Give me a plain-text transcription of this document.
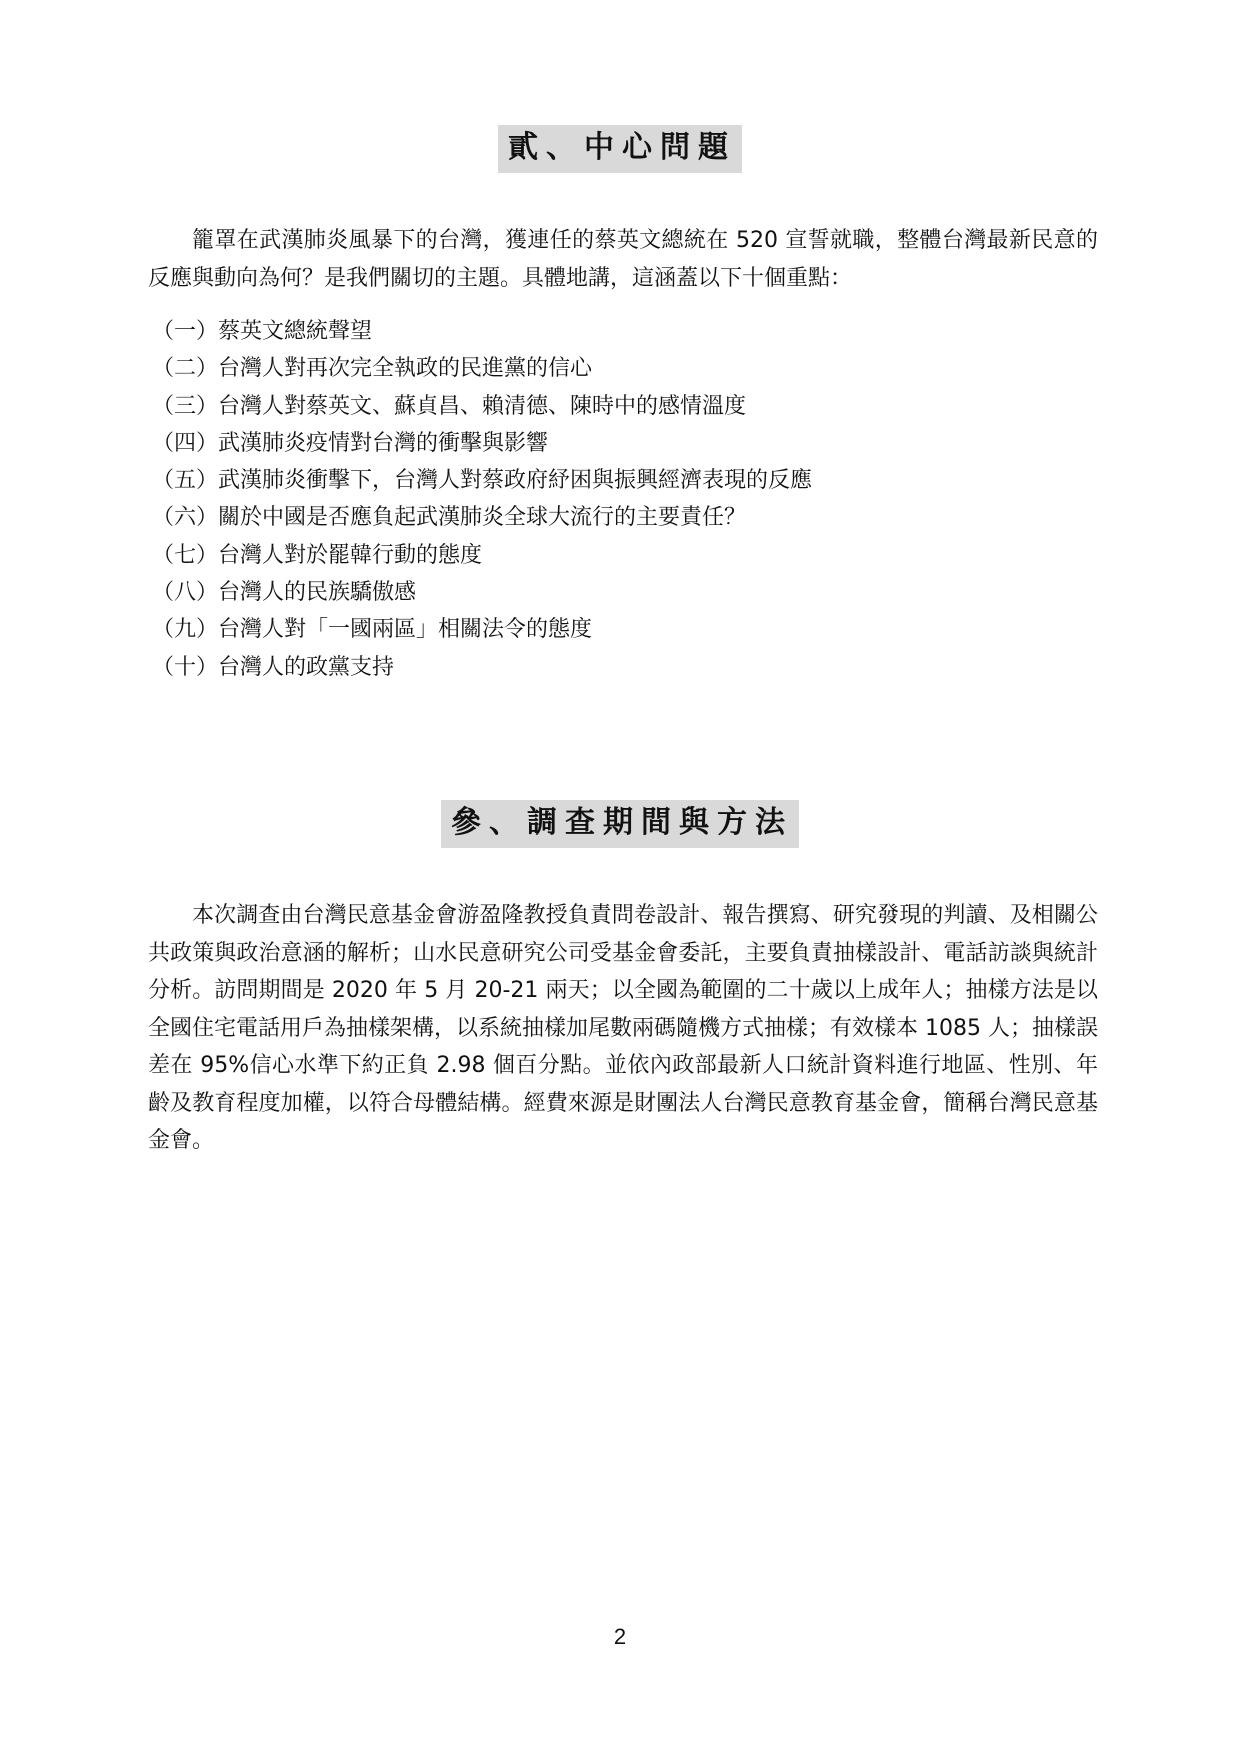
貳、中心問題

籠罩在武漢肺炎風暴下的台灣，獲連任的蔡英文總統在 520 宣誓就職，整體台灣最新民意的反應與動向為何？是我們關切的主題。具體地講，這涵蓋以下十個重點：

（一）蔡英文總統聲望
（二）台灣人對再次完全執政的民進黨的信心
（三）台灣人對蔡英文、蘇貞昌、賴清德、陳時中的感情溫度
（四）武漢肺炎疫情對台灣的衝擊與影響
（五）武漢肺炎衝擊下，台灣人對蔡政府紓困與振興經濟表現的反應
（六）關於中國是否應負起武漢肺炎全球大流行的主要責任？
（七）台灣人對於罷韓行動的態度
（八）台灣人的民族驕傲感
（九）台灣人對「一國兩區」相關法令的態度
（十）台灣人的政黨支持
參、調查期間與方法

本次調查由台灣民意基金會游盈隆教授負責問卷設計、報告撰寫、研究發現的判讀、及相關公共政策與政治意涵的解析；山水民意研究公司受基金會委託，主要負責抽樣設計、電話訪談與統計分析。訪問期間是 2020 年 5 月 20-21 兩天；以全國為範圍的二十歲以上成年人；抽樣方法是以全國住宅電話用戶為抽樣架構，以系統抽樣加尾數兩碼隨機方式抽樣；有效樣本 1085 人；抽樣誤差在 95%信心水準下約正負 2.98 個百分點。並依內政部最新人口統計資料進行地區、性別、年齡及教育程度加權，以符合母體結構。經費來源是財團法人台灣民意教育基金會，簡稱台灣民意基金會。

2
